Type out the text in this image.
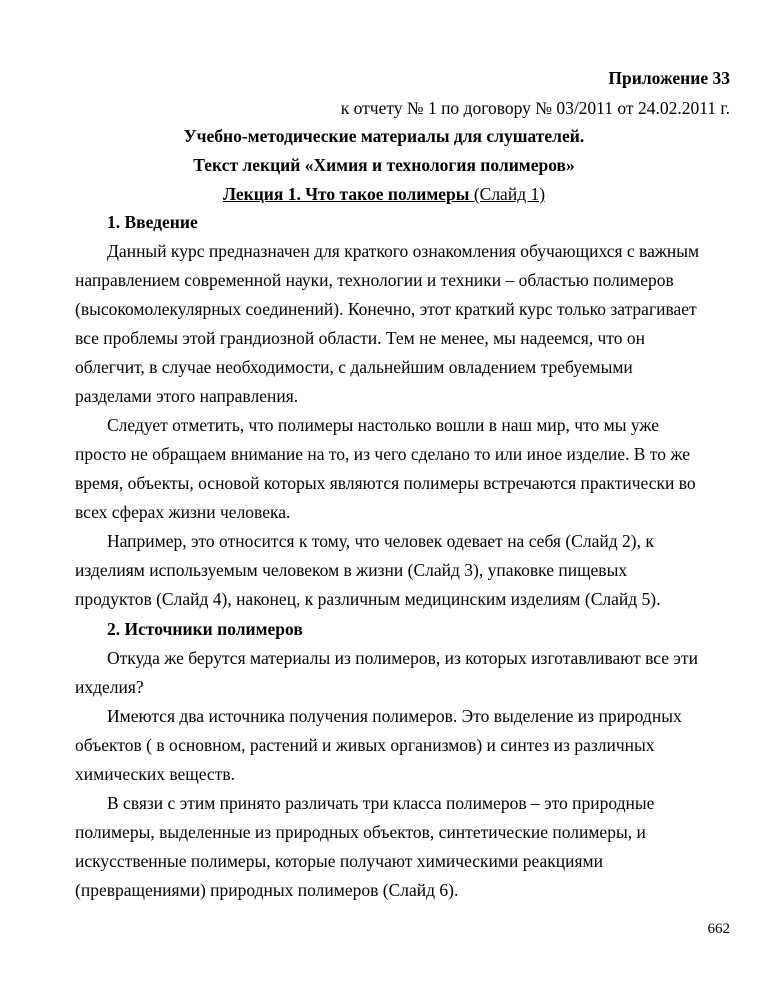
Приложение 33
к отчету № 1 по договору № 03/2011 от 24.02.2011 г.
Учебно-методические материалы для слушателей.
Текст лекций «Химия и технология полимеров»
Лекция 1. Что такое полимеры (Слайд 1)
1. Введение
Данный курс предназначен для краткого ознакомления обучающихся с важным
направлением современной науки, технологии и техники – областью полимеров
(высокомолекулярных соединений). Конечно, этот краткий курс только затрагивает
все проблемы этой грандиозной области. Тем не менее, мы надеемся, что он
облегчит, в случае необходимости, с дальнейшим овладением требуемыми
разделами этого направления.
Следует отметить, что полимеры настолько вошли в наш мир, что мы уже
просто не обращаем внимание на то, из чего сделано то или иное изделие. В то же
время, объекты, основой которых являются полимеры встречаются практически во
всех сферах жизни человека.
Например, это относится к тому, что человек одевает на себя (Слайд 2), к
изделиям используемым человеком в жизни (Слайд 3), упаковке пищевых
продуктов (Слайд 4), наконец, к различным медицинским изделиям (Слайд 5).
2. Источники полимеров
Откуда же берутся материалы из полимеров, из которых изготавливают все эти
ихделия?
Имеются два источника получения полимеров. Это выделение из природных
объектов ( в основном, растений и живых организмов) и синтез из различных
химических веществ.
В связи с этим принято различать три класса полимеров – это природные
полимеры, выделенные из природных объектов, синтетические полимеры, и
искусственные полимеры, которые получают химическими реакциями
(превращениями) природных полимеров (Слайд 6).
662
